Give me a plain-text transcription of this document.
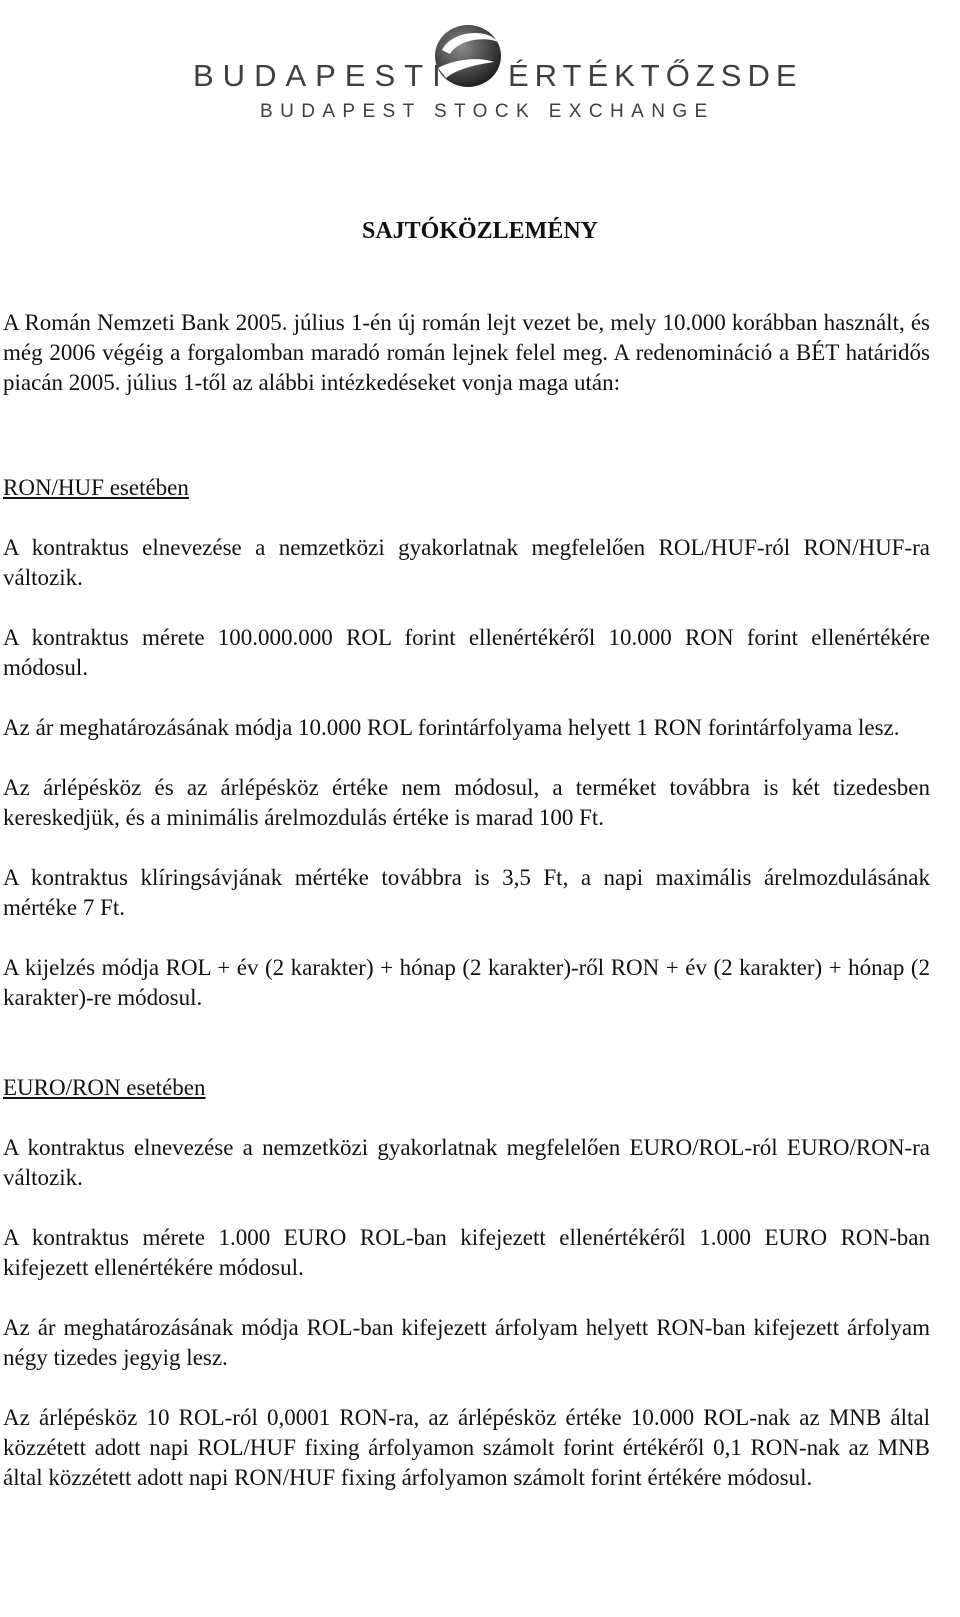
BUDAPESTI ÉRTÉKTŐZSDE
BUDAPEST STOCK EXCHANGE
SAJTÓKÖZLEMÉNY

A Román Nemzeti Bank 2005. július 1-én új román lejt vezet be, mely 10.000 korábban használt, és még 2006 végéig a forgalomban maradó román lejnek felel meg. A redenomináció a BÉT határidős piacán 2005. július 1-től az alábbi intézkedéseket vonja maga után:

RON/HUF esetében

A kontraktus elnevezése a nemzetközi gyakorlatnak megfelelően ROL/HUF-ról RON/HUF-ra változik.

A kontraktus mérete 100.000.000 ROL forint ellenértékéről 10.000 RON forint ellenértékére módosul.

Az ár meghatározásának módja 10.000 ROL forintárfolyama helyett 1 RON forintárfolyama lesz.

Az árlépésköz és az árlépésköz értéke nem módosul, a terméket továbbra is két tizedesben kereskedjük, és a minimális árelmozdulás értéke is marad 100 Ft.

A kontraktus klíringsávjának mértéke továbbra is 3,5 Ft, a napi maximális árelmozdulásának mértéke 7 Ft.

A kijelzés módja ROL + év (2 karakter) + hónap (2 karakter)-ről RON + év (2 karakter) + hónap (2 karakter)-re módosul.

EURO/RON esetében

A kontraktus elnevezése a nemzetközi gyakorlatnak megfelelően EURO/ROL-ról EURO/RON-ra változik.

A kontraktus mérete 1.000 EURO ROL-ban kifejezett ellenértékéről 1.000 EURO RON-ban kifejezett ellenértékére módosul.

Az ár meghatározásának módja ROL-ban kifejezett árfolyam helyett RON-ban kifejezett árfolyam négy tizedes jegyig lesz.

Az árlépésköz 10 ROL-ról 0,0001 RON-ra, az árlépésköz értéke 10.000 ROL-nak az MNB által közzétett adott napi ROL/HUF fixing árfolyamon számolt forint értékéről 0,1 RON-nak az MNB által közzétett adott napi RON/HUF fixing árfolyamon számolt forint értékére módosul.
